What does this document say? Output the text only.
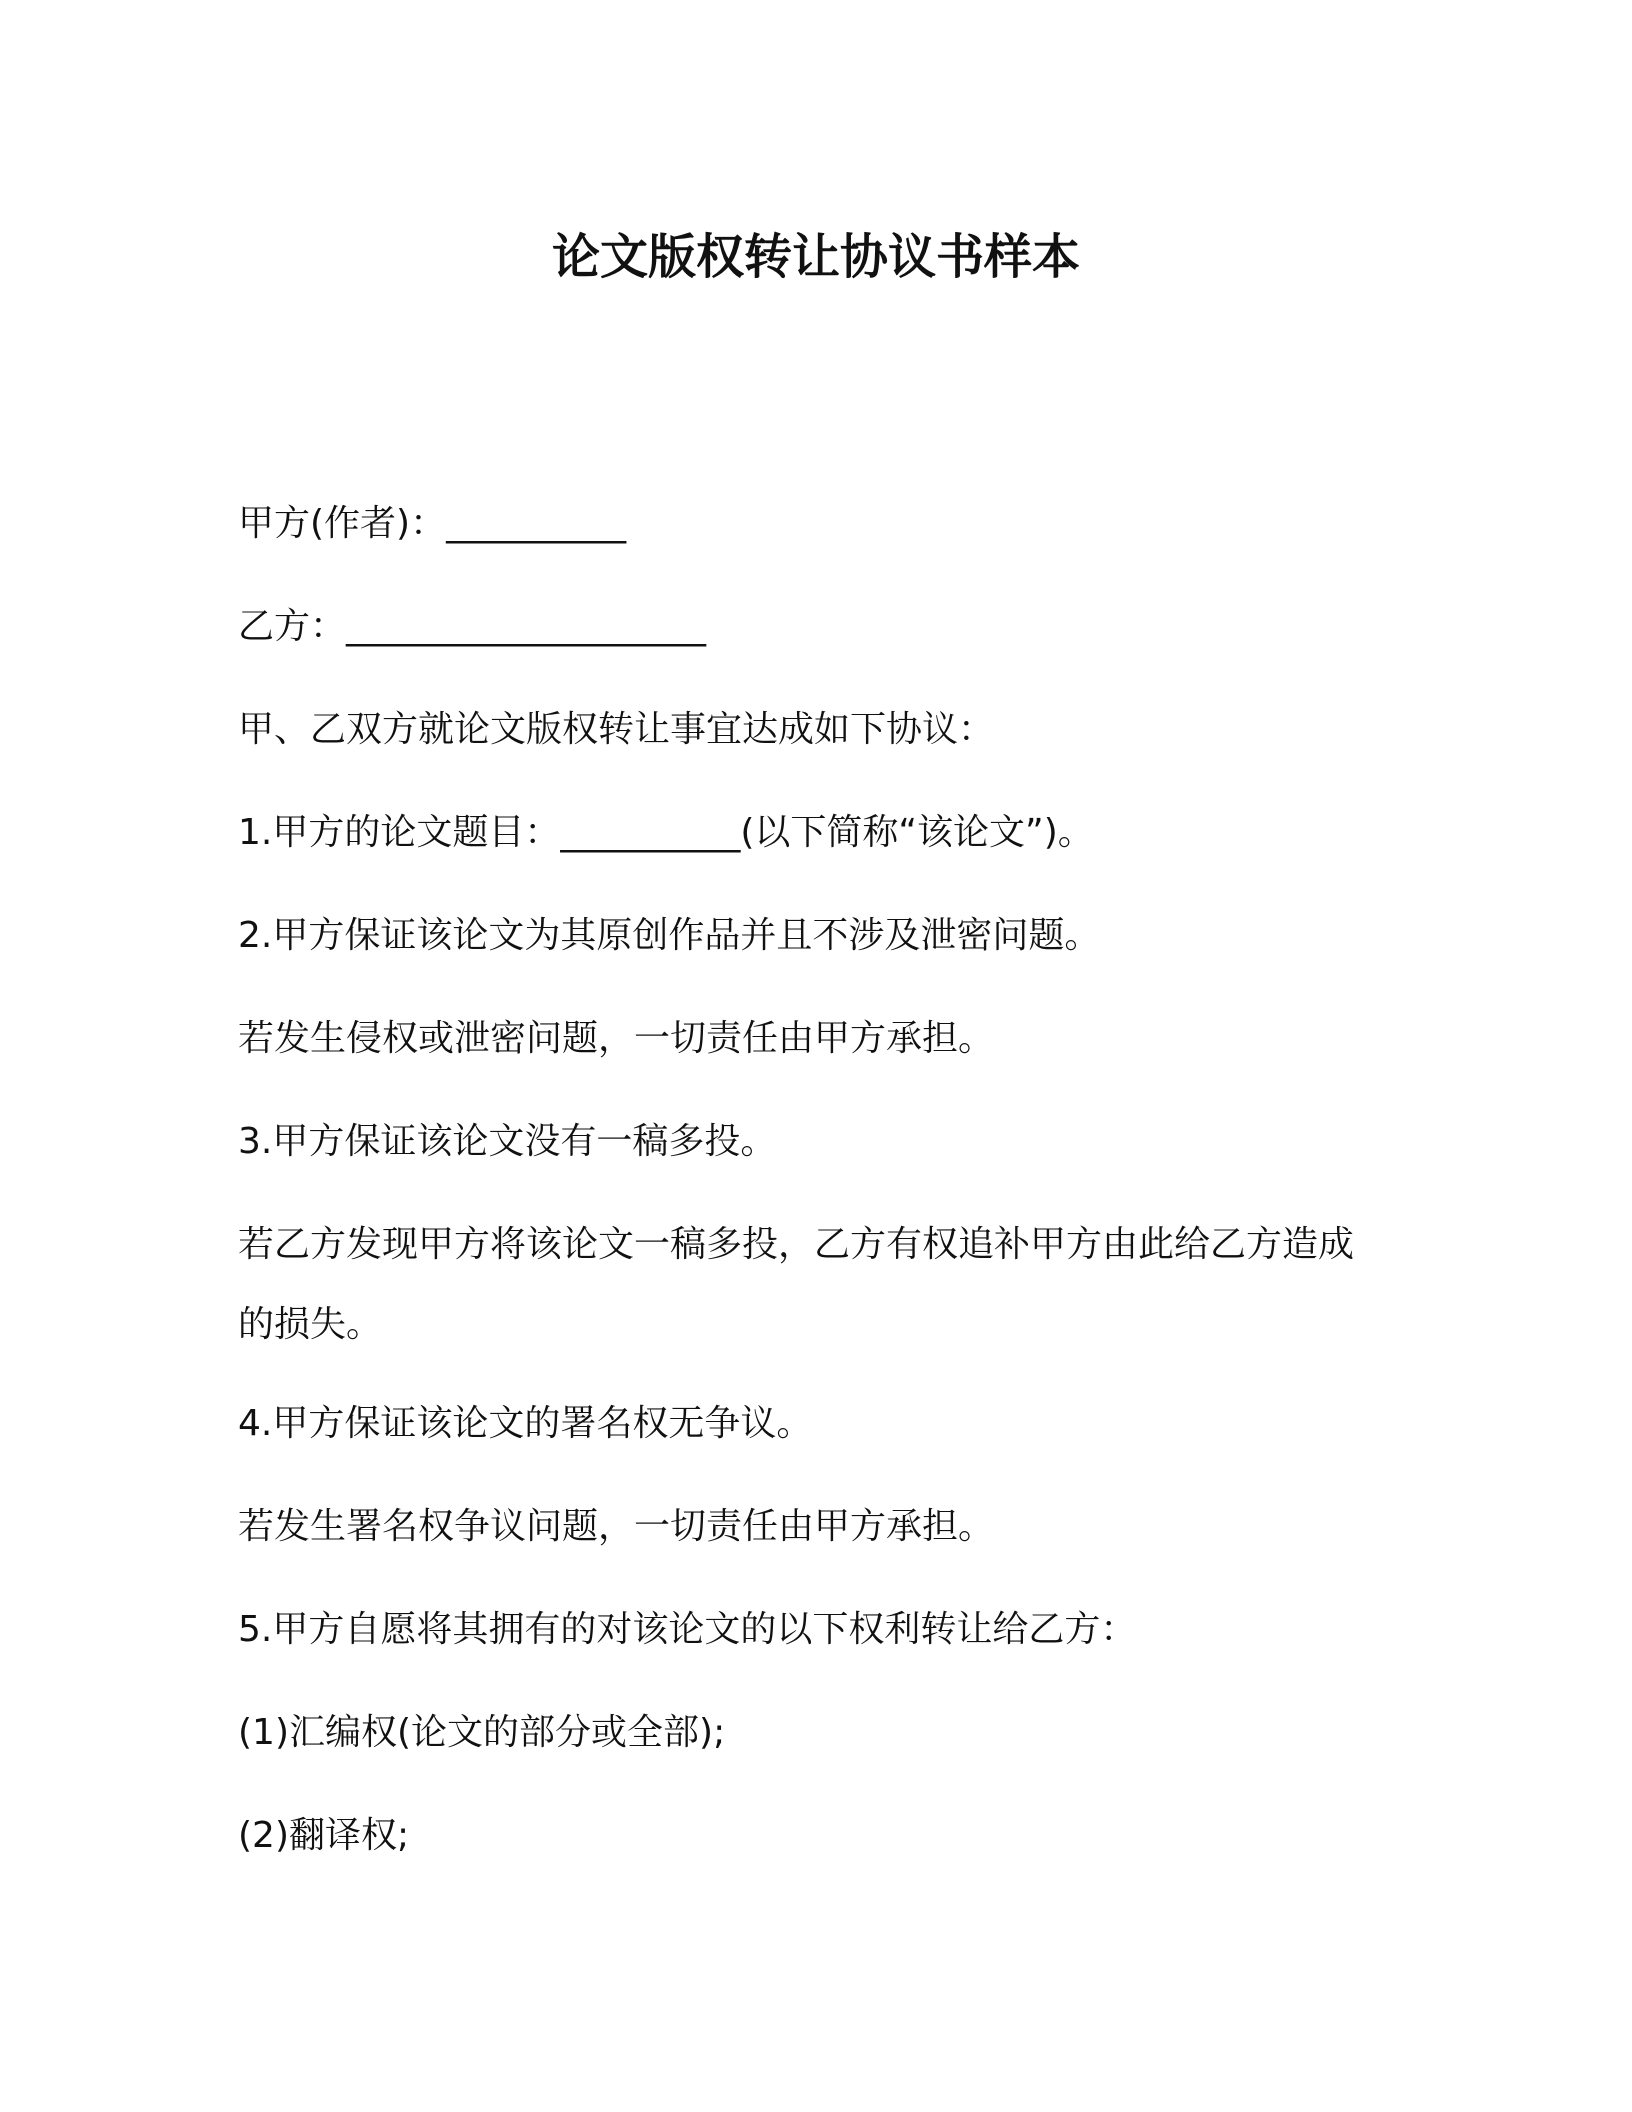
论文版权转让协议书样本
甲方(作者)：__________
乙方：____________________
甲、乙双方就论文版权转让事宜达成如下协议：
1.甲方的论文题目：__________(以下简称“该论文”)。
2.甲方保证该论文为其原创作品并且不涉及泄密问题。
若发生侵权或泄密问题，一切责任由甲方承担。
3.甲方保证该论文没有一稿多投。
若乙方发现甲方将该论文一稿多投，乙方有权追补甲方由此给乙方造成的损失。
4.甲方保证该论文的署名权无争议。
若发生署名权争议问题，一切责任由甲方承担。
5.甲方自愿将其拥有的对该论文的以下权利转让给乙方：
(1)汇编权(论文的部分或全部);
(2)翻译权;
